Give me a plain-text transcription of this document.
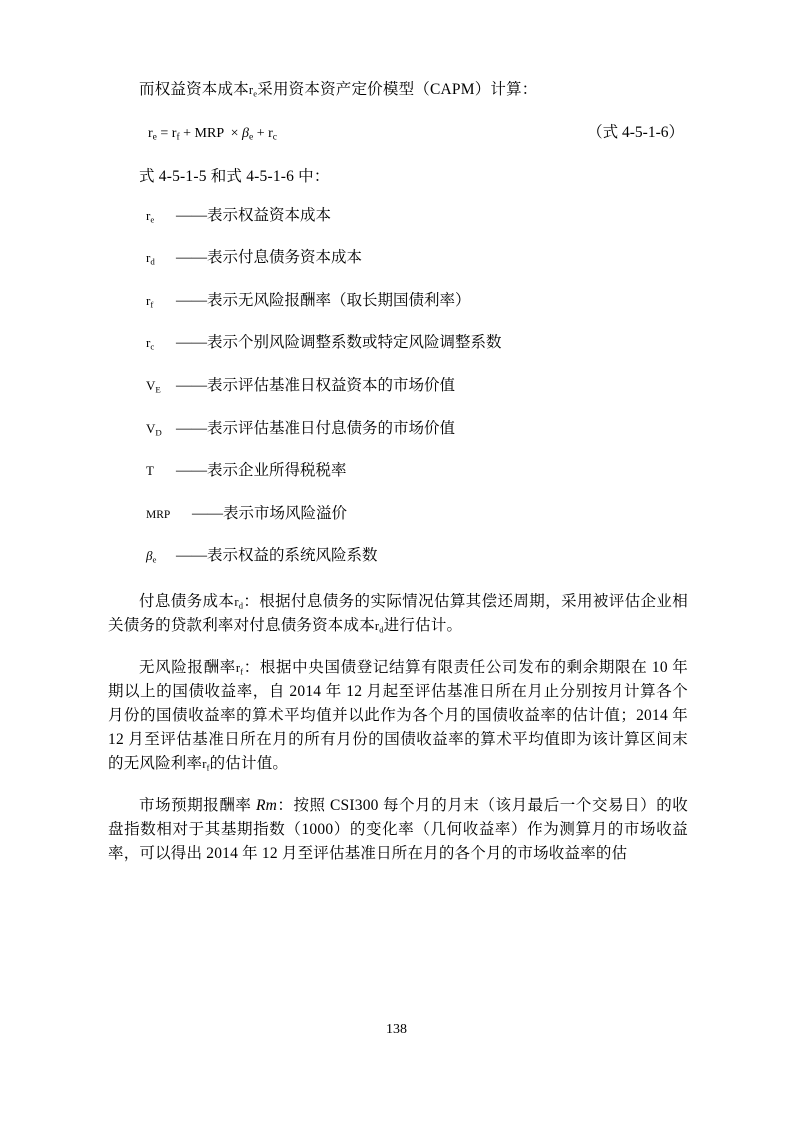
而权益资本成本$r_e$采用资本资产定价模型（CAPM）计算：

$r_e = r_f$ + MRP  × $\beta_e + r_c$	（式 4-5-1-6）

式 4-5-1-5 和式 4-5-1-6 中：

$r_e$	——表示权益资本成本
$r_d$	——表示付息债务资本成本
$r_f$	——表示无风险报酬率（取长期国债利率）
$r_c$	——表示个别风险调整系数或特定风险调整系数
$V_E$ ——表示评估基准日权益资本的市场价值
$V_D$ ——表示评估基准日付息债务的市场价值
T	——表示企业所得税税率
MRP	——表示市场风险溢价
$\beta_e$	——表示权益的系统风险系数

付息债务成本$r_d$：根据付息债务的实际情况估算其偿还周期，采用被评估企业相关债务的贷款利率对付息债务资本成本$r_d$进行估计。

无风险报酬率$r_f$：根据中央国债登记结算有限责任公司发布的剩余期限在 10 年期以上的国债收益率，自 2014 年 12 月起至评估基准日所在月止分别按月计算各个月份的国债收益率的算术平均值并以此作为各个月的国债收益率的估计值；2014 年 12 月至评估基准日所在月的所有月份的国债收益率的算术平均值即为该计算区间末的无风险利率$r_f$的估计值。

市场预期报酬率 Rm：按照 CSI300 每个月的月末（该月最后一个交易日）的收盘指数相对于其基期指数（1000）的变化率（几何收益率）作为测算月的市场收益率，可以得出 2014 年 12 月至评估基准日所在月的各个月的市场收益率的估

138
